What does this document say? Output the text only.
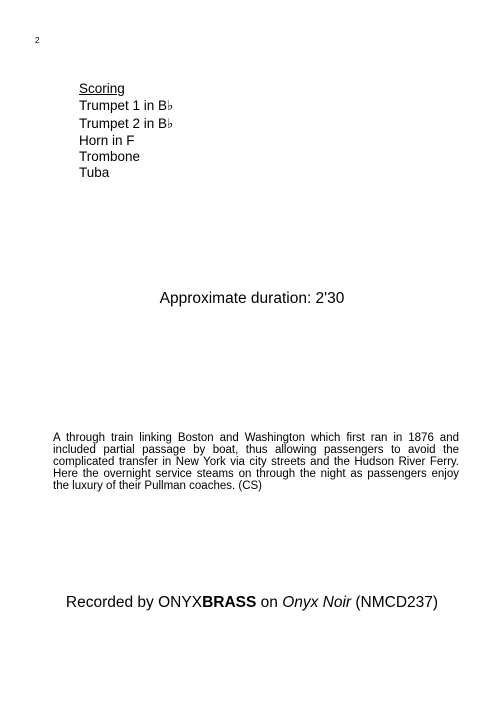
2
Scoring
Trumpet 1 in B♭
Trumpet 2 in B♭
Horn in F
Trombone
Tuba
Approximate duration: 2'30

A through train linking Boston and Washington which first ran in 1876 and included partial passage by boat, thus allowing passengers to avoid the complicated transfer in New York via city streets and the Hudson River Ferry. Here the overnight service steams on through the night as passengers enjoy the luxury of their Pullman coaches. (CS)

Recorded by ONYXBRASS on Onyx Noir (NMCD237)
